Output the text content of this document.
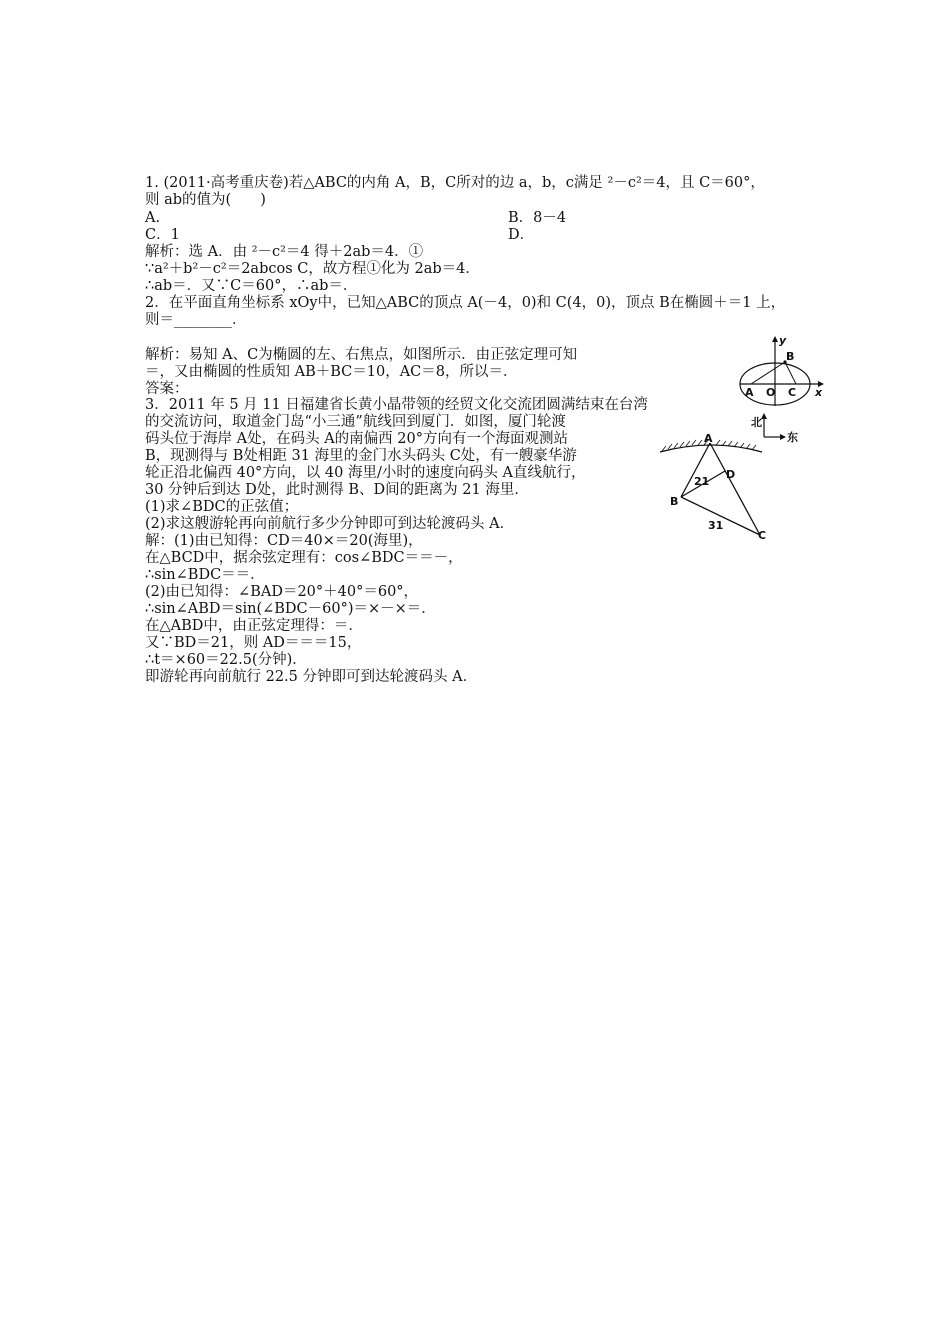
1. (2011·高考重庆卷)若△ABC的内角 A，B，C所对的边 a，b，c满足 ²－c²＝4，且 C＝60°，
则 ab的值为(　　)
A.	B．8－4
C．1	D．
解析：选 A．由 ²－c²＝4 得＋2ab＝4．①
∵a²＋b²－c²＝2abcos C，故方程①化为 2ab＝4．
∴ab＝．又∵C＝60°，∴ab＝．
2．在平面直角坐标系 xOy中，已知△ABC的顶点 A(－4，0)和 C(4，0)，顶点 B在椭圆＋＝1 上，
则＝________．
解析：易知 A、C为椭圆的左、右焦点，如图所示．由正弦定理可知
＝，又由椭圆的性质知 AB＋BC＝10，AC＝8，所以＝．
答案：
3．2011 年 5 月 11 日福建省长黄小晶带领的经贸文化交流团圆满结束在台湾
的交流访问，取道金门岛“小三通”航线回到厦门．如图，厦门轮渡
码头位于海岸 A处，在码头 A的南偏西 20°方向有一个海面观测站
B，现测得与 B处相距 31 海里的金门水头码头 C处，有一艘豪华游
轮正沿北偏西 40°方向，以 40 海里/小时的速度向码头 A直线航行，
30 分钟后到达 D处，此时测得 B、D间的距离为 21 海里．
(1)求∠BDC的正弦值；
(2)求这艘游轮再向前航行多少分钟即可到达轮渡码头 A．
解：(1)由已知得：CD＝40×＝20(海里)，
在△BCD中，据余弦定理有：cos∠BDC＝＝－，
∴sin∠BDC＝＝．
(2)由已知得：∠BAD＝20°＋40°＝60°，
∴sin∠ABD＝sin(∠BDC－60°)＝×－×＝．
在△ABD中，由正弦定理得：＝．
又∵BD＝21，则 AD＝＝＝15，
∴t＝×60＝22.5(分钟)．
即游轮再向前航行 22.5 分钟即可到达轮渡码头 A．
y
x
B
A O C
北
东
A
B
C
D
21
31
